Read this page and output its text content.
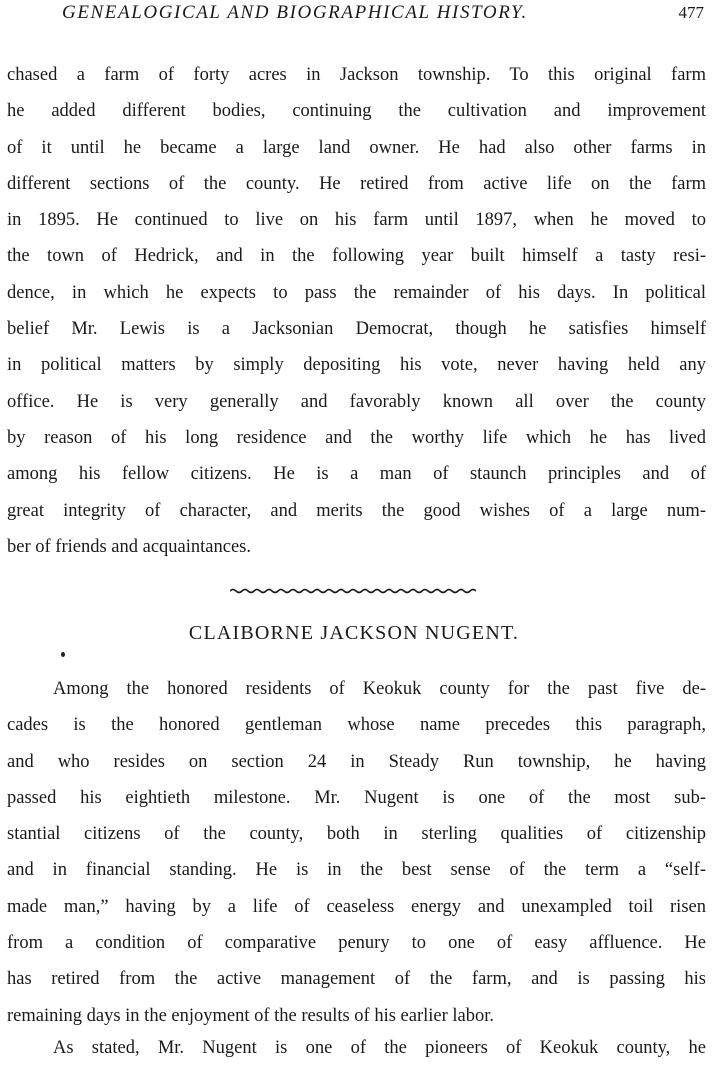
GENEALOGICAL AND BIOGRAPHICAL HISTORY.	477
chased a farm of forty acres in Jackson township. To this original farm
he added different bodies, continuing the cultivation and improvement
of it until he became a large land owner. He had also other farms in
different sections of the county. He retired from active life on the farm
in 1895. He continued to live on his farm until 1897, when he moved to
the town of Hedrick, and in the following year built himself a tasty resi-
dence, in which he expects to pass the remainder of his days. In political
belief Mr. Lewis is a Jacksonian Democrat, though he satisfies himself
in political matters by simply depositing his vote, never having held any
office. He is very generally and favorably known all over the county
by reason of his long residence and the worthy life which he has lived
among his fellow citizens. He is a man of staunch principles and of
great integrity of character, and merits the good wishes of a large num-
ber of friends and acquaintances.
CLAIBORNE JACKSON NUGENT.
Among the honored residents of Keokuk county for the past five de-
cades is the honored gentleman whose name precedes this paragraph,
and who resides on section 24 in Steady Run township, he having
passed his eightieth milestone. Mr. Nugent is one of the most sub-
stantial citizens of the county, both in sterling qualities of citizenship
and in financial standing. He is in the best sense of the term a “self-
made man,” having by a life of ceaseless energy and unexampled toil risen
from a condition of comparative penury to one of easy affluence. He
has retired from the active management of the farm, and is passing his
remaining days in the enjoyment of the results of his earlier labor.
As stated, Mr. Nugent is one of the pioneers of Keokuk county, he
